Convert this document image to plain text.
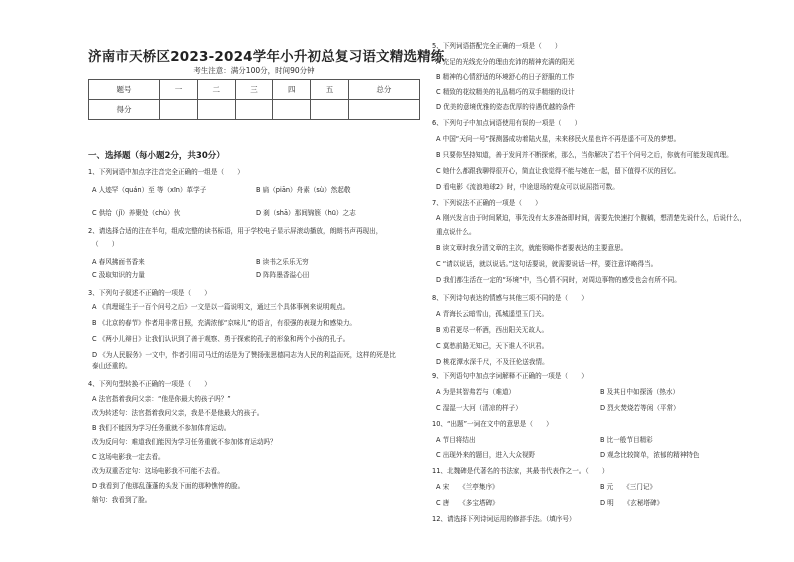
济南市天桥区2023-2024学年小升初总复习语文精选精练
考生注意：满分100分，时间90分钟
题号	一	二	三	四	五	总分
得分						
一、选择题（每小题2分，共30分）
1、下列词语中加点字注音完全正确的一组是（　　）
A 人迹罕（quán）至 等（xīn）革学子	B 扁（piān）舟素（sù）然起敬
C 供给（jǐ）养聚处（chù）伙	D 刹（shā）那间锦簇（hū）之志
2、请选择合适的注在半句，组成完整的读书标语，用于学校电子显示屏滚动播放，朗朗书声再现出，
（　　）
A 春风拂面书香来	B 读书之乐乐无穷
C 汲取知识的力量	D 阵阵墨香溢心田
3、下列句子叙述不正确的一项是（　　）
A 《真理诞生于一百个问号之后》一文是以一篇说明文，通过三个具体事例来说明观点。
B 《北京的春节》作者用非常日照，充满浓郁“京味儿”的语言，有很强的表现力和感染力。
C 《两小儿辩日》让我们认识到了善于观察、勇于探索的孔子的形象和两个小孩的孔子。
D 《为人民服务》一文中，作者引用司马迁的话是为了赞扬张思德同志为人民的利益而死，这样的死是比
泰山还重的。
4、下列句型转换不正确的一项是（　　）
A 法官指着我问父亲：“他是你最大的孩子吗？”
改为转述句：法官指着我问父亲，我是不是他最大的孩子。
B 我们不能因为学习任务重就不参加体育运动。
改为反问句：难道我们能因为学习任务重就不参加体育运动吗？
C 这场电影我一定去看。
改为双重否定句：这场电影我不可能不去看。
D 我看到了他那乱蓬蓬的头发下面的那种憔悴的脸。
缩句：我看到了脸。
5、下列词语搭配完全正确的一项是（　　）
A 充足的光线充分的理由充沛的精神充满的阳光
B 精神的心情舒适的环境舒心的日子舒服的工作
C 精致的花纹精美的礼品精巧的双手精细的设计
D 优美的意境优雅的姿态优厚的待遇优越的条件
6、下列句子中加点词语使用有误的一项是（　　）
A 中国“天问一号”探测器成功着陆火星，未来移民火星也许不再是遥不可及的梦想。
B 只要你坚持知道，善于发问并不断探索，那么，当你解决了若干个问号之后，你就有可能发现真理。
C 她什么都跟我聊得很开心，简直让我觉得不能与她在一起，留下值得不厌的回忆。
D 看电影《流浪地球2》时，中途退场的观众可以说屈指可数。
7、下列说法不正确的一项是（　　）
A 刚兴发言由于时间紧迫，事先没有太多准备即时间，需要先快速打个腹稿，想清楚先说什么，后说什么，
重点说什么。
B 读文章时我分清文章的主次，就能领略作者要表达的主要意思。
C “请以说话，就以说话。”这句话要说，就需要说话一样，要注意详略得当。
D 我们都生活在一定的“环境”中，当心情不同时，对周边事物的感受也会有所不同。
8、下列诗句表达的情感与其他三项不同的是（　　）
A 青海长云暗雪山，孤城遥望玉门关。
B 劝君更尽一杯酒，西出阳关无故人。
C 莫愁前路无知己，天下谁人不识君。
D 桃花潭水深千尺，不及汪伦送我情。
9、下列语句中加点字词解释不正确的一项是（　　）
A 为是其智弗若与（难道）	B 及其日中如探汤（热水）
C 湿湿一大河（清凉的样子）	D 烈火焚烧若等闲（平常）
10、“出题”一词在文中的意思是（　　）
A 节目将结出	B 比一般节目精彩
C 出现外来的题目，进入大众视野	D 观念比较简单，浓郁的精神特色
11、北魏碑是代著名的书法家，其最书代表作之一。（　　）
A 宋　　《兰亭集序》	B 元　　《三门记》
C 唐　　《多宝塔碑》	D 明　　《玄秘塔碑》
12、请选择下列诗词运用的修辞手法。（填序号）
